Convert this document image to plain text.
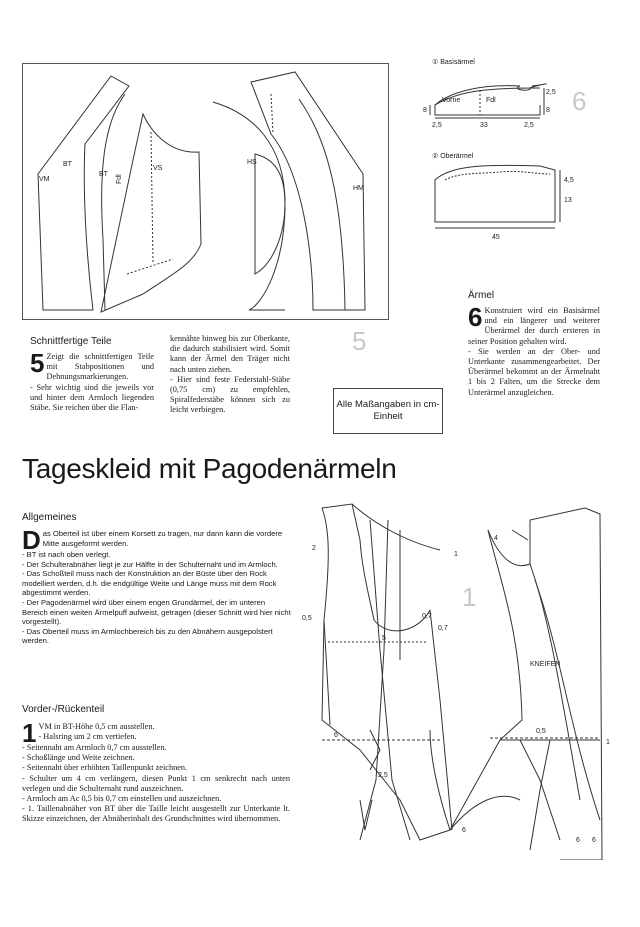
VM
BT
BT Fdl
VS
HS
HM
① Basisärmel
Vorne	Fdl
8	8
2,5
2,5	33	2,5
4,5
13
45
② Oberärmel
6
Schnittfertige Teile
5 Zeigt die schnittfertigen Teile mit Stabpositionen und Dehnungsmarkierungen.
- Sehr wichtig sind die jeweils vor und hinter dem Armloch liegenden Stäbe. Sie reichen über die Flan-
kennähte hinweg bis zur Oberkante, die dadurch stabilisiert wird. Somit kann der Ärmel den Träger nicht nach unten ziehen.
- Hier sind feste Federstahl-Stäbe (0,75 cm) zu empfehlen, Spiralfederstäbe können sich zu leicht verbiegen.
5
Alle Maßangaben in cm-Einheit
Ärmel
6 Konstruiert wird ein Basisärmel und ein längerer und weiterer Überärmel der durch ersteren in seiner Position gehalten wird.
- Sie werden an der Ober- und Unterkante zusammengearbeitet. Der Überärmel bekommt an der Ärmelnaht 1 bis 2 Falten, um die Strecke dem Unterärmel anzugleichen.
Tageskleid mit Pagodenärmeln
Allgemeines
Das Oberteil ist über einem Korsett zu tragen, nur dann kann die vordere Mitte ausgeformt werden.
- BT ist nach oben verlegt.
- Der Schulterabnäher liegt je zur Hälfte in der Schulternaht und im Armloch.
- Das Schoßteil muss nach der Konstruktion an der Büste über den Rock modelliert werden, d.h. die endgültige Weite und Länge muss mit dem Rock abgestimmt werden.
- Der Pagodenärmel wird über einem engen Grundärmel, der im unteren Bereich einen weiten Ärmelpuff aufweist, getragen (dieser Schnitt wird hier nicht vorgestellt).
- Das Oberteil muss im Armlochbereich bis zu den Abnähern ausgepolstert werden.
Vorder-/Rückenteil
1 VM in BT-Höhe 0,5 cm ausstellen.
- Halsring um 2 cm vertiefen.
- Seitennaht am Armloch 0,7 cm ausstellen.
- Schoßlänge und Weite zeichnen.
- Seitennaht über erhöhten Taillenpunkt zeichnen.
- Schulter um 4 cm verlängern, diesen Punkt 1 cm senkrecht nach unten verlegen und die Schulternaht rund auszeichnen.
- Armloch am Ac 0,5 bis 0,7 cm einstellen und auszeichnen.
- 1. Taillenabnäher von BT über die Taille leicht ausgestellt zur Unterkante lt. Skizze einzeichnen, der Abnäherinhalt des Grundschnittes wird übernommen.
2
0,5	0,7
0,7
5
6
2,5
6
4
1
KNEIFEN
0,5
1
6 6
1
